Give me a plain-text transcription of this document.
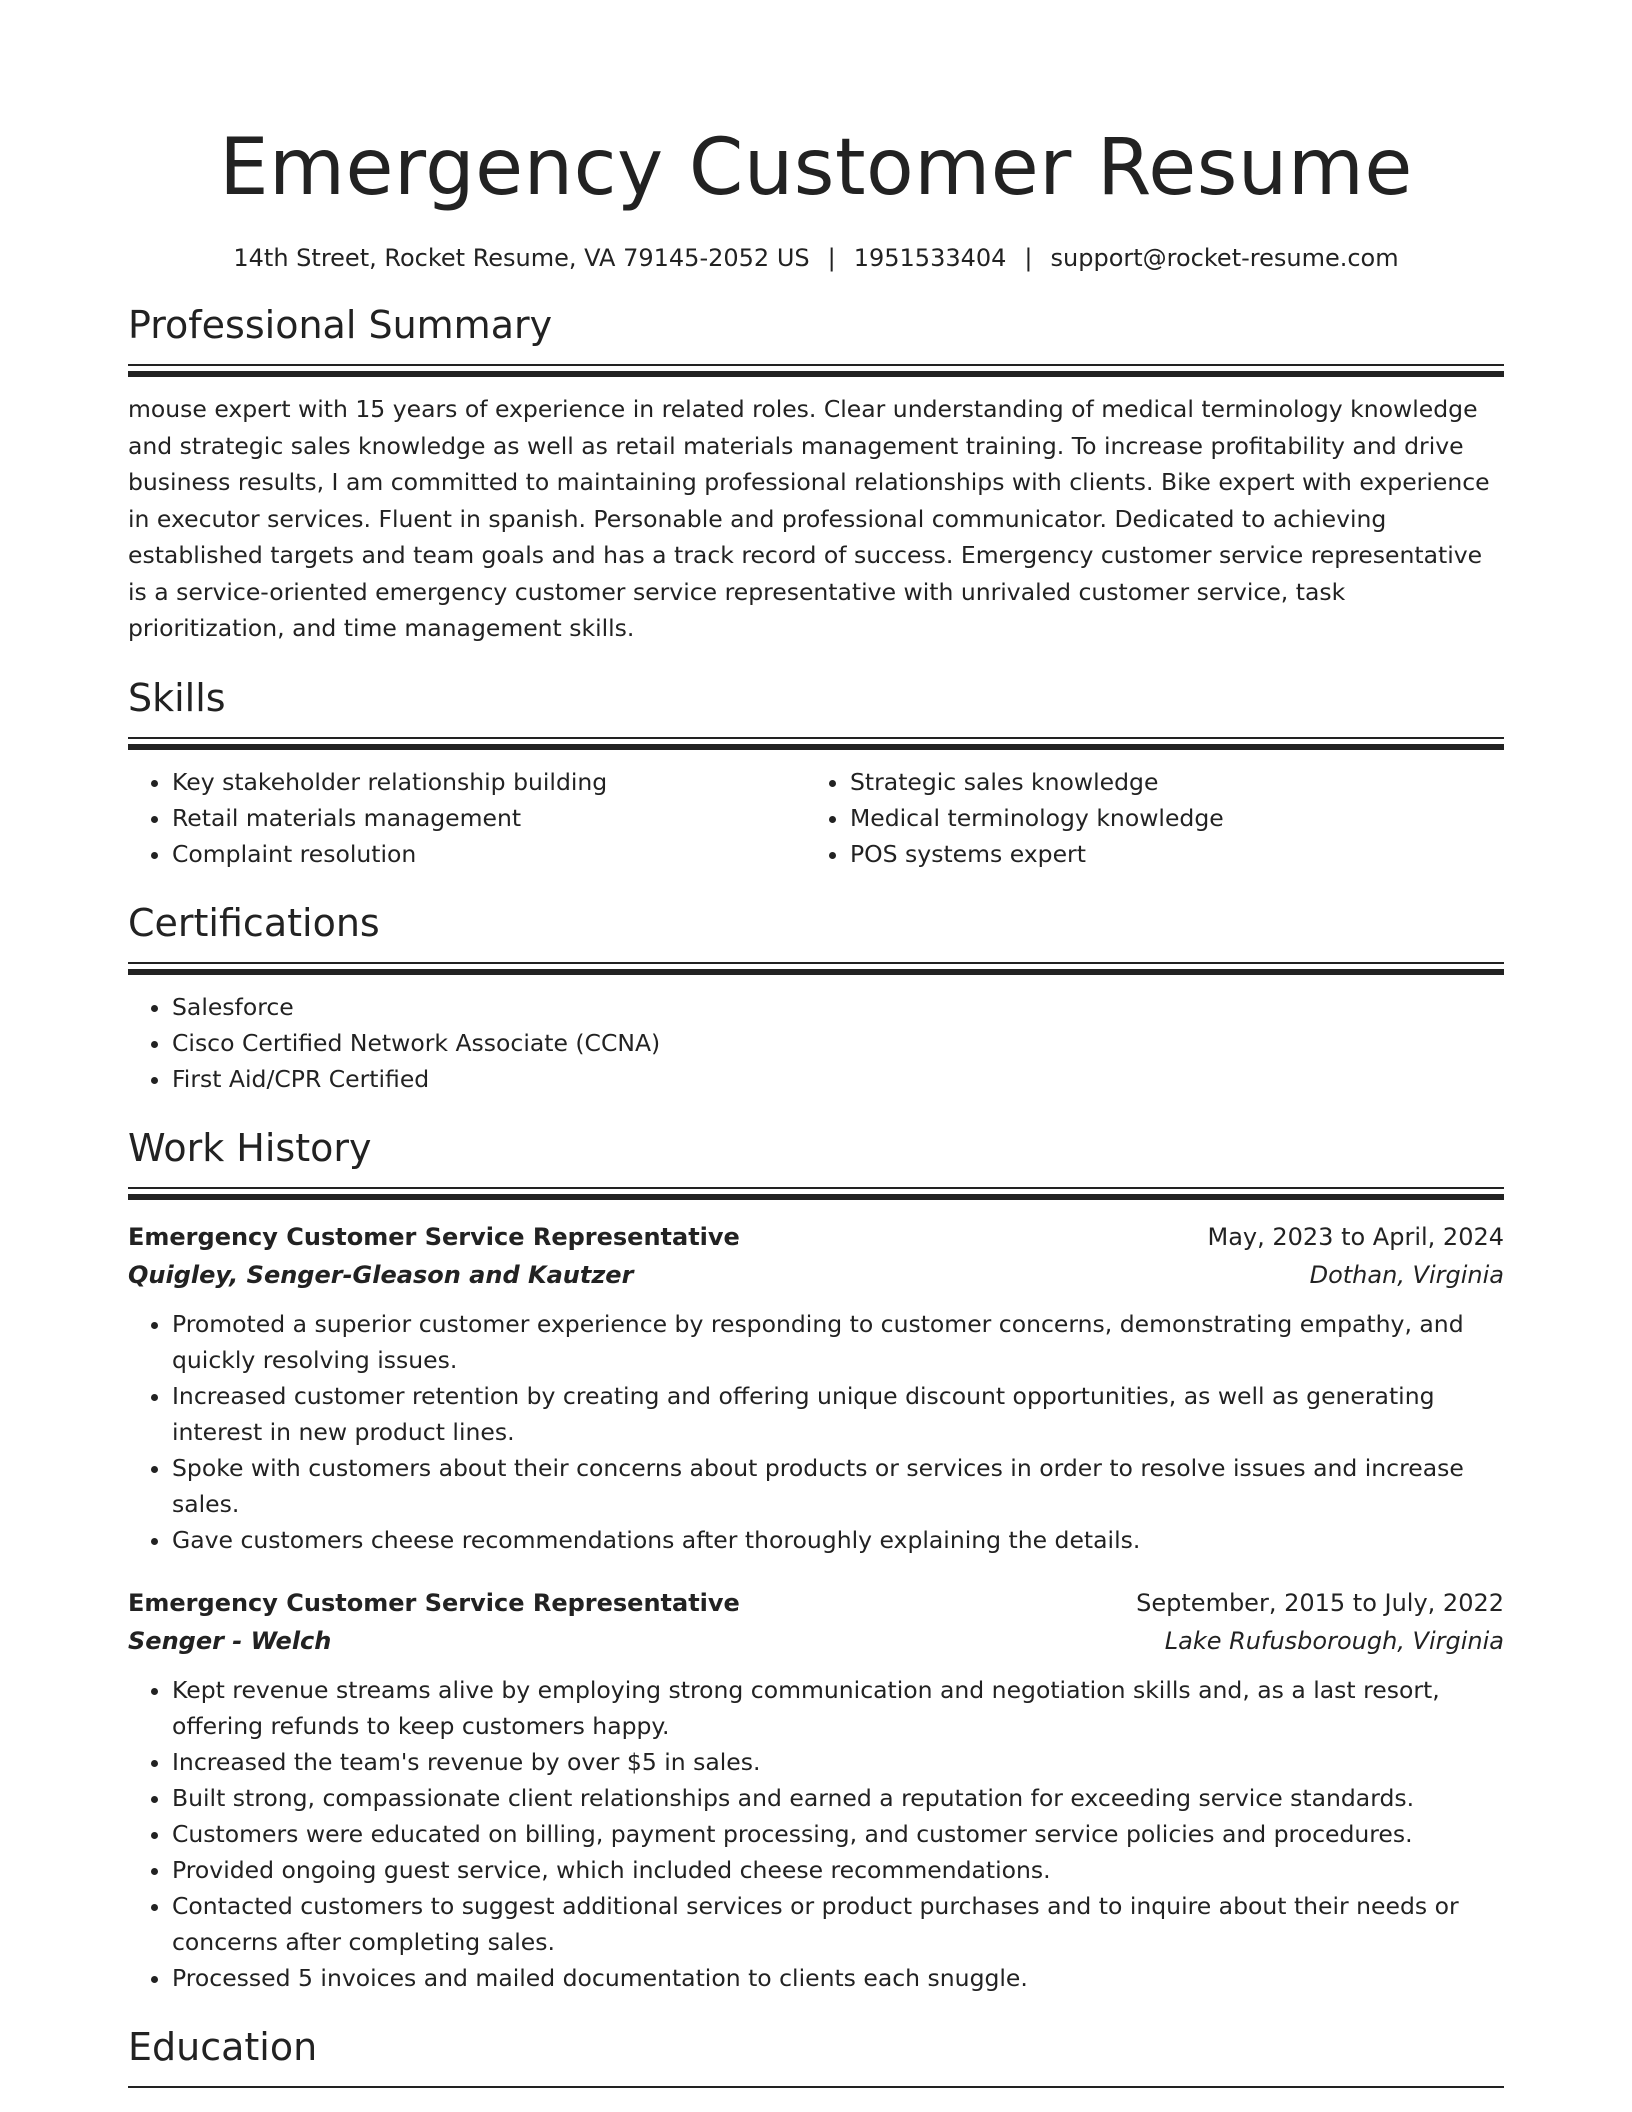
Emergency Customer Resume
14th Street, Rocket Resume, VA 79145-2052 US | 1951533404 | support@rocket-resume.com
Professional Summary
mouse expert with 15 years of experience in related roles. Clear understanding of medical terminology knowledge and strategic sales knowledge as well as retail materials management training. To increase profitability and drive business results, I am committed to maintaining professional relationships with clients. Bike expert with experience in executor services. Fluent in spanish. Personable and professional communicator. Dedicated to achieving established targets and team goals and has a track record of success. Emergency customer service representative is a service-oriented emergency customer service representative with unrivaled customer service, task prioritization, and time management skills.
Skills
• Key stakeholder relationship building
• Retail materials management
• Complaint resolution
• Strategic sales knowledge
• Medical terminology knowledge
• POS systems expert
Certifications
• Salesforce
• Cisco Certified Network Associate (CCNA)
• First Aid/CPR Certified
Work History
Emergency Customer Service Representative	May, 2023 to April, 2024
Quigley, Senger-Gleason and Kautzer	Dothan, Virginia
• Promoted a superior customer experience by responding to customer concerns, demonstrating empathy, and quickly resolving issues.
• Increased customer retention by creating and offering unique discount opportunities, as well as generating interest in new product lines.
• Spoke with customers about their concerns about products or services in order to resolve issues and increase sales.
• Gave customers cheese recommendations after thoroughly explaining the details.
Emergency Customer Service Representative	September, 2015 to July, 2022
Senger - Welch	Lake Rufusborough, Virginia
• Kept revenue streams alive by employing strong communication and negotiation skills and, as a last resort, offering refunds to keep customers happy.
• Increased the team's revenue by over $5 in sales.
• Built strong, compassionate client relationships and earned a reputation for exceeding service standards.
• Customers were educated on billing, payment processing, and customer service policies and procedures.
• Provided ongoing guest service, which included cheese recommendations.
• Contacted customers to suggest additional services or product purchases and to inquire about their needs or concerns after completing sales.
• Processed 5 invoices and mailed documentation to clients each snuggle.
Education
